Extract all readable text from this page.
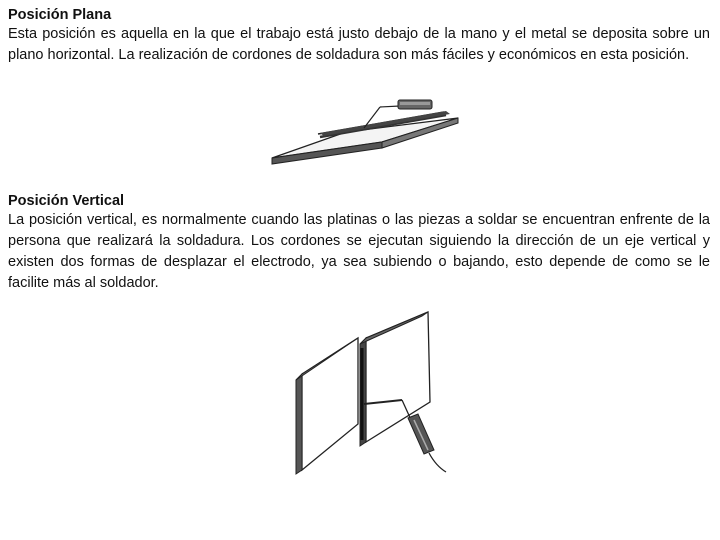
Posición Plana

Esta posición es aquella en la que el trabajo está justo debajo de la mano y el metal se deposita sobre un plano horizontal. La realización de cordones de soldadura son más fáciles y económicos en esta posición.

Posición Vertical

La posición vertical, es normalmente cuando las platinas o las piezas a soldar se encuentran enfrente de la persona que realizará la soldadura. Los cordones se ejecutan siguiendo la dirección de un eje vertical y existen dos formas de desplazar el electrodo, ya sea subiendo o bajando, esto depende de como se le facilite más al soldador.
